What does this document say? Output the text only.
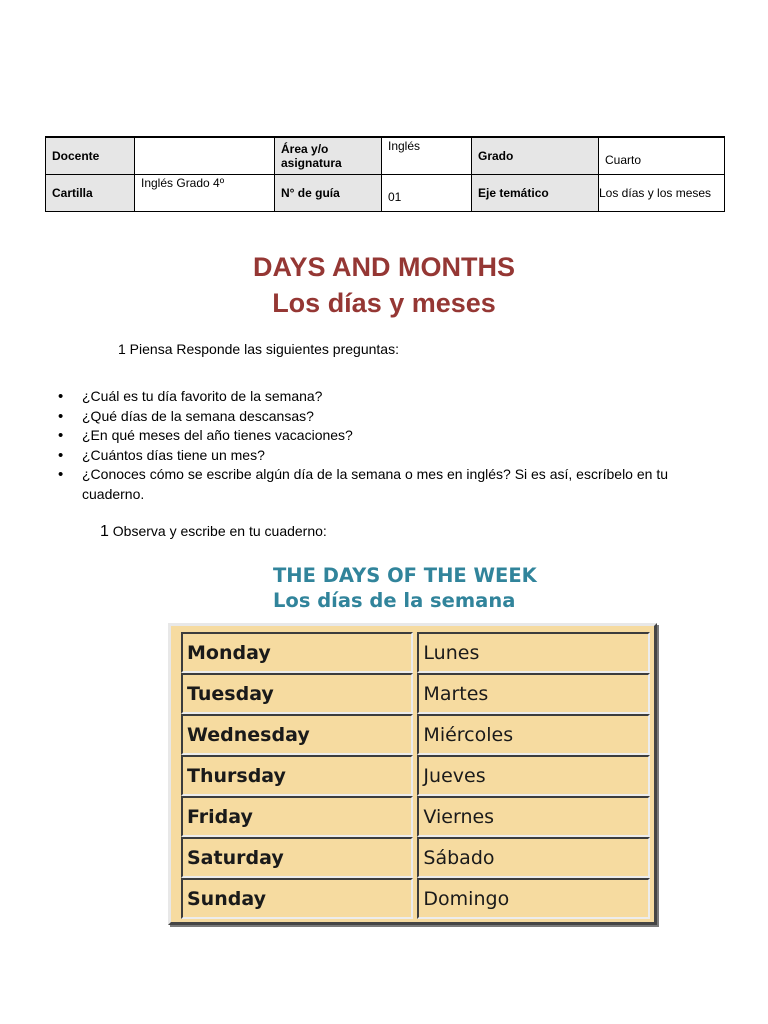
Docente		Área y/o asignatura	Inglés	Grado	Cuarto
Cartilla	Inglés Grado 4º	N° de guía	01	Eje temático	Los días y los meses
DAYS AND MONTHS
Los días y meses

1 Piensa Responde las siguientes preguntas:

• ¿Cuál es tu día favorito de la semana?
• ¿Qué días de la semana descansas?
• ¿En qué meses del año tienes vacaciones?
• ¿Cuántos días tiene un mes?
• ¿Conoces cómo se escribe algún día de la semana o mes en inglés? Si es así, escríbelo en tu cuaderno.

1 Observa y escribe en tu cuaderno:

THE DAYS OF THE WEEK
Los días de la semana
Monday	Lunes
Tuesday	Martes
Wednesday	Miércoles
Thursday	Jueves
Friday	Viernes
Saturday	Sábado
Sunday	Domingo
